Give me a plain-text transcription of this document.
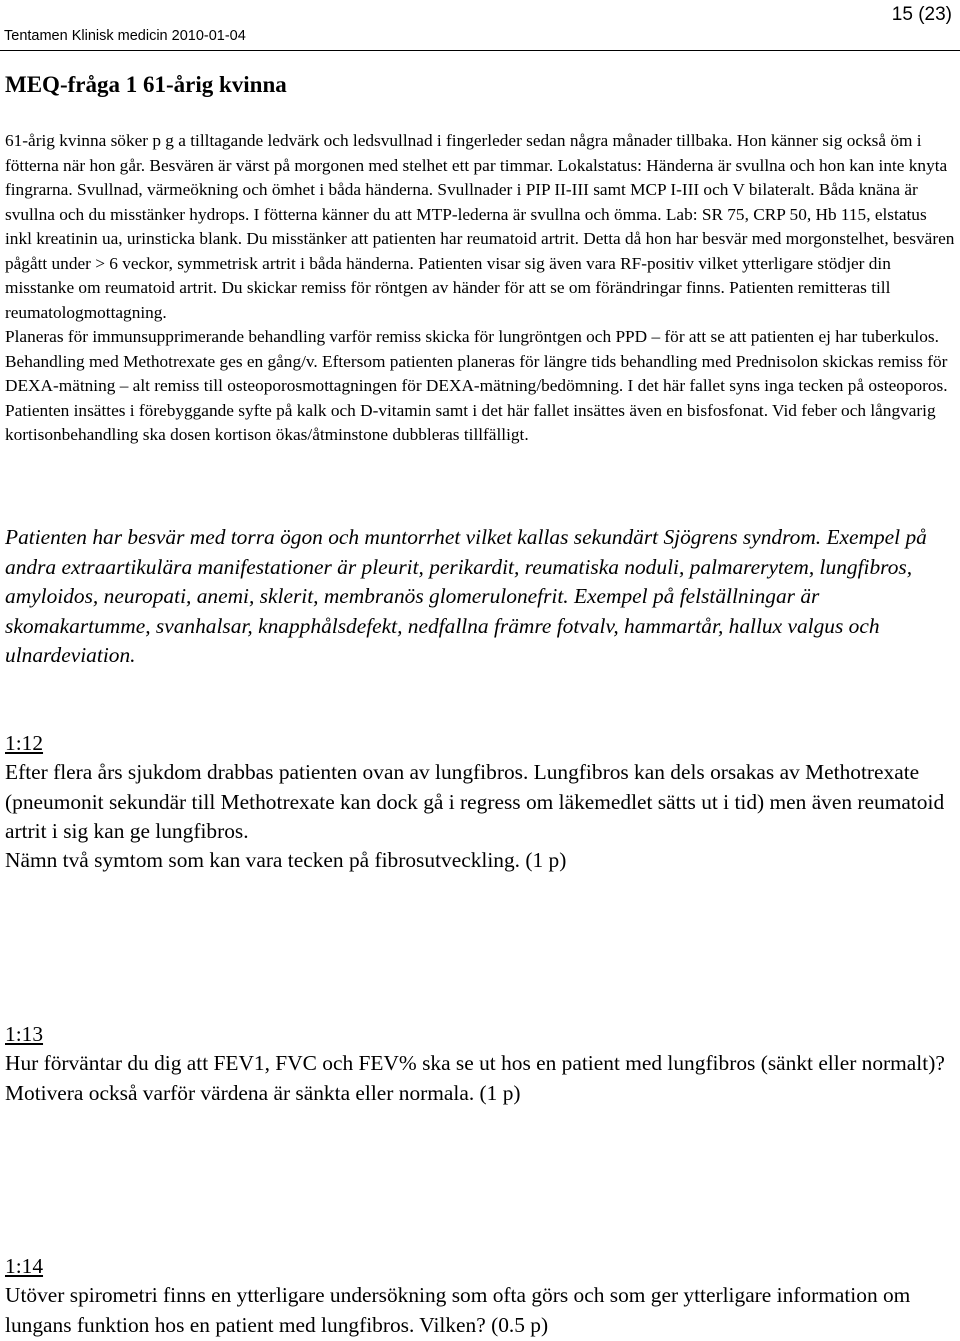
Tentamen Klinisk medicin 2010-01-04
15 (23)
MEQ-fråga 1 61-årig kvinna
61-årig kvinna söker p g a tilltagande ledvärk och ledsvullnad i fingerleder sedan några månader tillbaka. Hon känner sig också öm i fötterna när hon går. Besvären är värst på morgonen med stelhet ett par timmar. Lokalstatus: Händerna är svullna och hon kan inte knyta fingrarna. Svullnad, värmeökning och ömhet i båda händerna. Svullnader i PIP II-III samt MCP I-III och V bilateralt. Båda knäna är svullna och du misstänker hydrops. I fötterna känner du att MTP-lederna är svullna och ömma. Lab: SR 75, CRP 50, Hb 115, elstatus inkl kreatinin ua, urinsticka blank. Du misstänker att patienten har reumatoid artrit. Detta då hon har besvär med morgonstelhet, besvären pågått under > 6 veckor, symmetrisk artrit i båda händerna. Patienten visar sig även vara RF-positiv vilket ytterligare stödjer din misstanke om reumatoid artrit. Du skickar remiss för röntgen av händer för att se om förändringar finns. Patienten remitteras till reumatologmottagning.
Planeras för immunsupprimerande behandling varför remiss skicka för lungröntgen och PPD – för att se att patienten ej har tuberkulos. Behandling med Methotrexate ges en gång/v. Eftersom patienten planeras för längre tids behandling med Prednisolon skickas remiss för DEXA-mätning – alt remiss till osteoporosmottagningen för DEXA-mätning/bedömning. I det här fallet syns inga tecken på osteoporos. Patienten insättes i förebyggande syfte på kalk och D-vitamin samt i det här fallet insättes även en bisfosfonat. Vid feber och långvarig kortisonbehandling ska dosen kortison ökas/åtminstone dubbleras tillfälligt.

Patienten har besvär med torra ögon och muntorrhet vilket kallas sekundärt Sjögrens syndrom. Exempel på andra extraartikulära manifestationer är pleurit, perikardit, reumatiska noduli, palmarerytem, lungfibros, amyloidos, neuropati, anemi, sklerit, membranös glomerulonefrit. Exempel på felställningar är skomakartumme, svanhalsar, knapphålsdefekt, nedfallna främre fotvalv, hammartår, hallux valgus och ulnardeviation.

1:12
Efter flera års sjukdom drabbas patienten ovan av lungfibros. Lungfibros kan dels orsakas av Methotrexate (pneumonit sekundär till Methotrexate kan dock gå i regress om läkemedlet sätts ut i tid) men även reumatoid artrit i sig kan ge lungfibros.
Nämn två symtom som kan vara tecken på fibrosutveckling. (1 p)
1:13
Hur förväntar du dig att FEV1, FVC och FEV% ska se ut hos en patient med lungfibros (sänkt eller normalt)? Motivera också varför värdena är sänkta eller normala. (1 p)
1:14
Utöver spirometri finns en ytterligare undersökning som ofta görs och som ger ytterligare information om lungans funktion hos en patient med lungfibros. Vilken? (0.5 p)
